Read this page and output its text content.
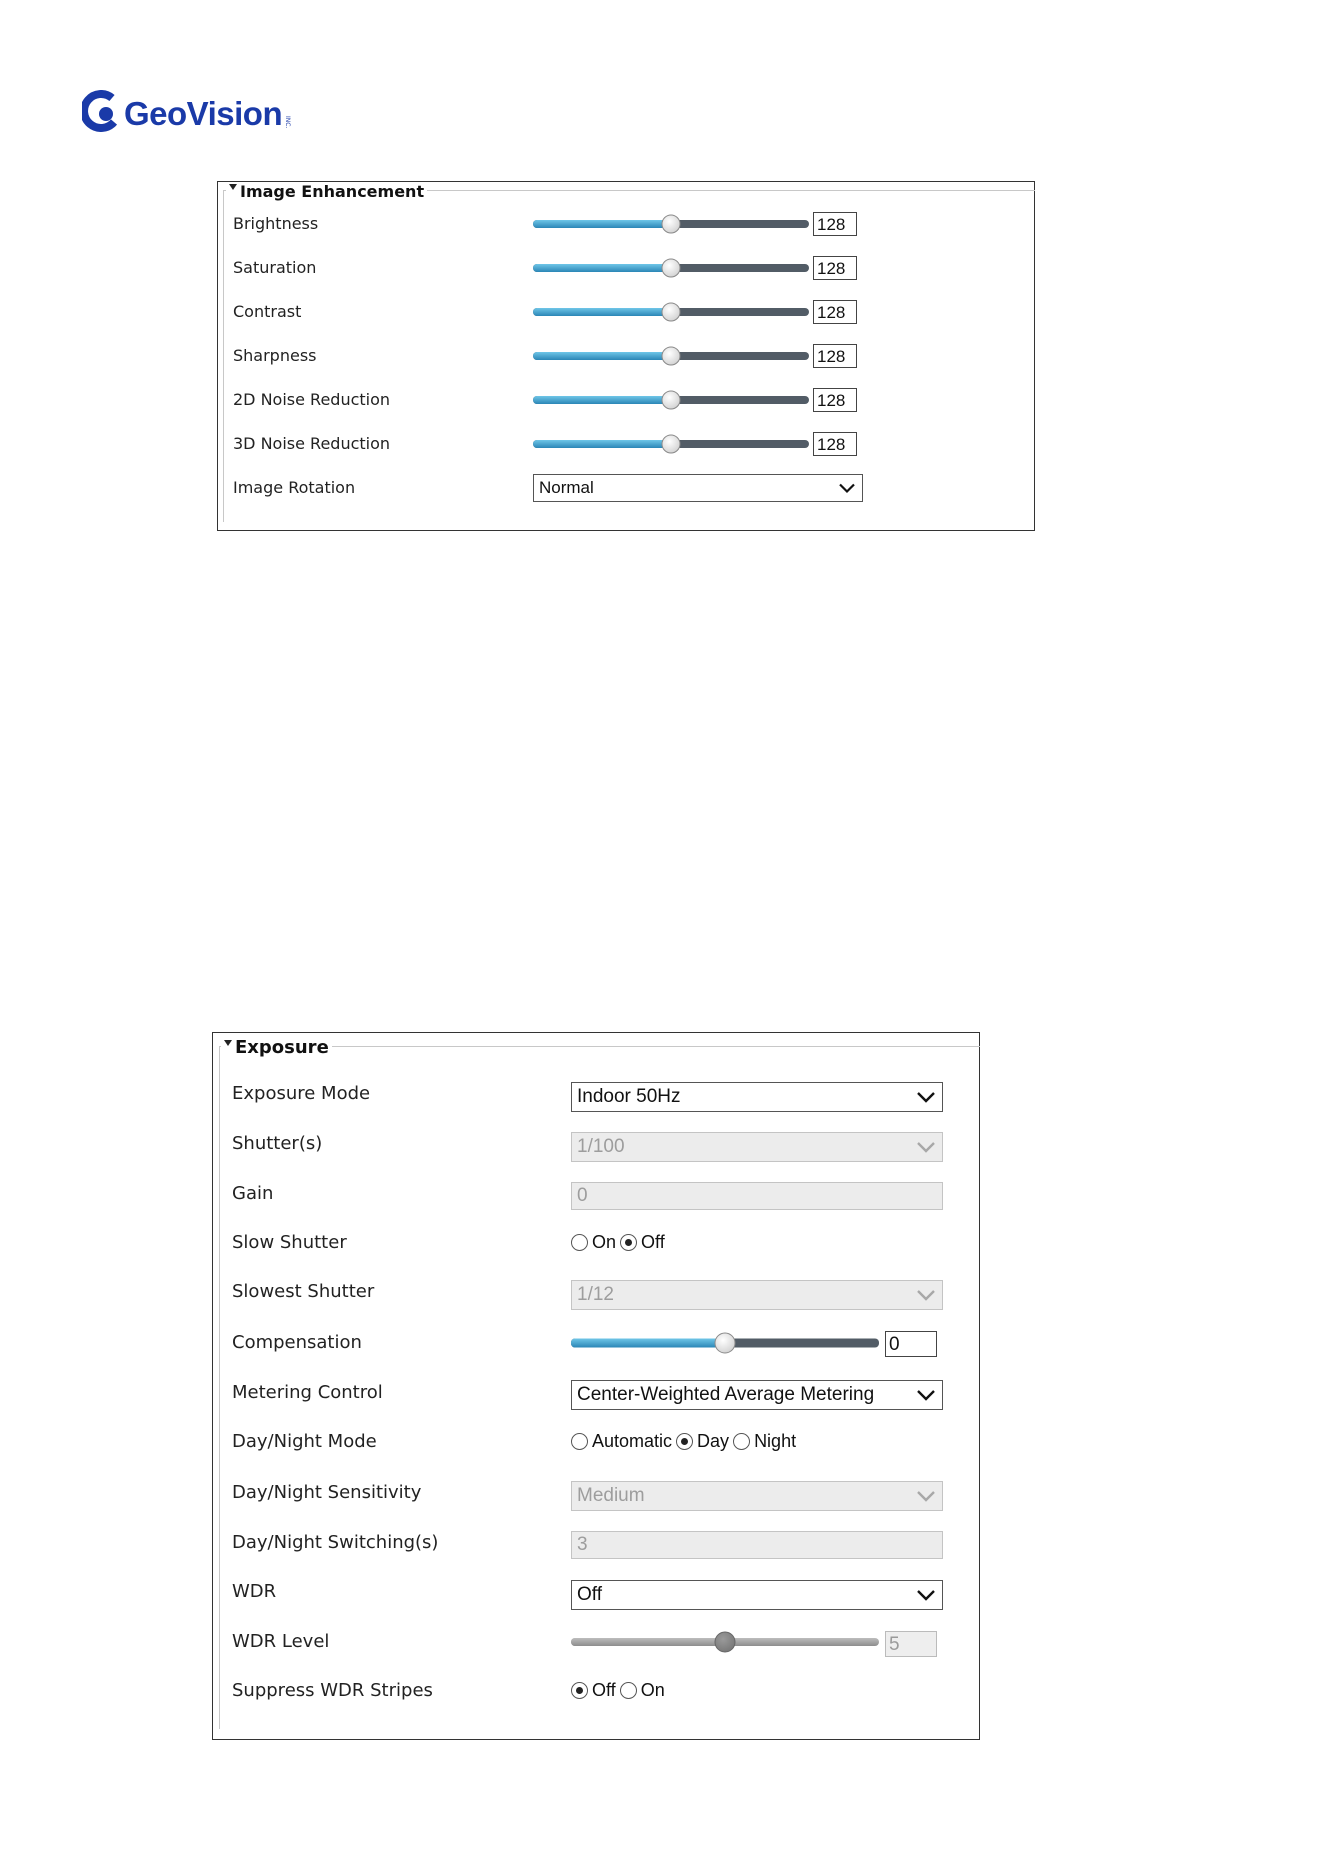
GeoVision INC.
Image Enhancement
Brightness	128
Saturation	128
Contrast	128
Sharpness	128
2D Noise Reduction	128
3D Noise Reduction	128
Image Rotation	Normal
Exposure
Exposure Mode	Indoor 50Hz
Shutter(s)	1/100
Gain	0
Slow Shutter	On Off
Slowest Shutter	1/12
Compensation	0
Metering Control	Center-Weighted Average Metering
Day/Night Mode	Automatic Day Night
Day/Night Sensitivity	Medium
Day/Night Switching(s)	3
WDR	Off
WDR Level	5
Suppress WDR Stripes	Off On
